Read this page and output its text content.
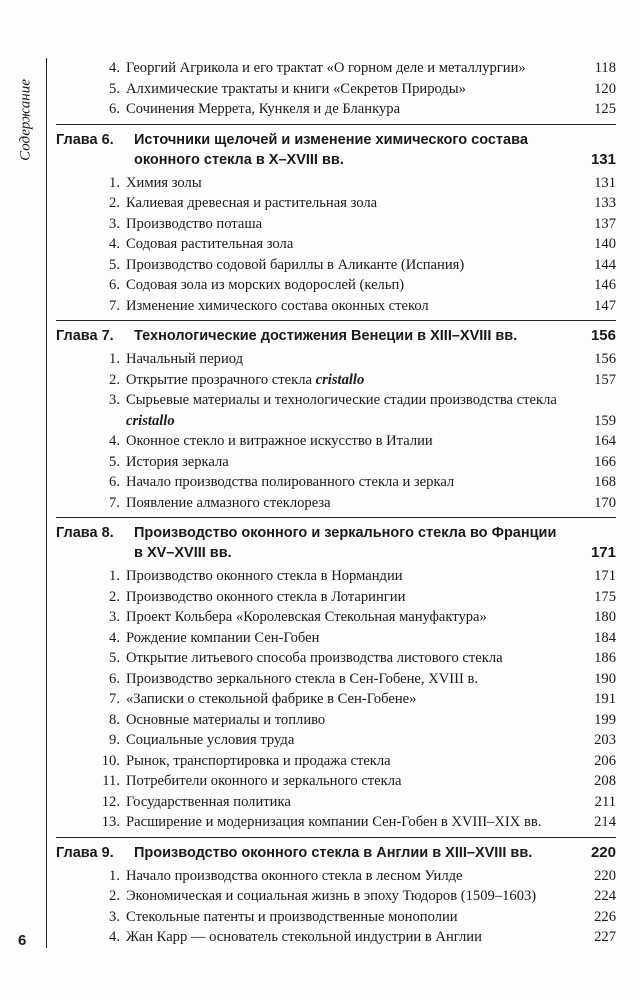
Содержание
6
4. Георгий Агрикола и его трактат «О горном деле и металлургии»	118
5. Алхимические трактаты и книги «Секретов Природы»	120
6. Сочинения Меррета, Кункеля и де Бланкура	125
Глава 6. Источники щелочей и изменение химического состава оконного стекла в X–XVIII вв.	131
1. Химия золы	131
2. Калиевая древесная и растительная зола	133
3. Производство поташа	137
4. Содовая растительная зола	140
5. Производство содовой бариллы в Аликанте (Испания)	144
6. Содовая зола из морских водорослей (кельп)	146
7. Изменение химического состава оконных стекол	147
Глава 7. Технологические достижения Венеции в XIII–XVIII вв.	156
1. Начальный период	156
2. Открытие прозрачного стекла cristallo	157
3. Сырьевые материалы и технологические стадии производства стекла cristallo	159
4. Оконное стекло и витражное искусство в Италии	164
5. История зеркала	166
6. Начало производства полированного стекла и зеркал	168
7. Появление алмазного стеклореза	170
Глава 8. Производство оконного и зеркального стекла во Франции в XV–XVIII вв.	171
1. Производство оконного стекла в Нормандии	171
2. Производство оконного стекла в Лотарингии	175
3. Проект Кольбера «Королевская Стекольная мануфактура»	180
4. Рождение компании Сен-Гобен	184
5. Открытие литьевого способа производства листового стекла	186
6. Производство зеркального стекла в Сен-Гобене, XVIII в.	190
7. «Записки о стекольной фабрике в Сен-Гобене»	191
8. Основные материалы и топливо	199
9. Социальные условия труда	203
10. Рынок, транспортировка и продажа стекла	206
11. Потребители оконного и зеркального стекла	208
12. Государственная политика	211
13. Расширение и модернизация компании Сен-Гобен в XVIII–XIX вв.	214
Глава 9. Производство оконного стекла в Англии в XIII–XVIII вв.	220
1. Начало производства оконного стекла в лесном Уилде	220
2. Экономическая и социальная жизнь в эпоху Тюдоров (1509–1603)	224
3. Стекольные патенты и производственные монополии	226
4. Жан Карр — основатель стекольной индустрии в Англии	227
